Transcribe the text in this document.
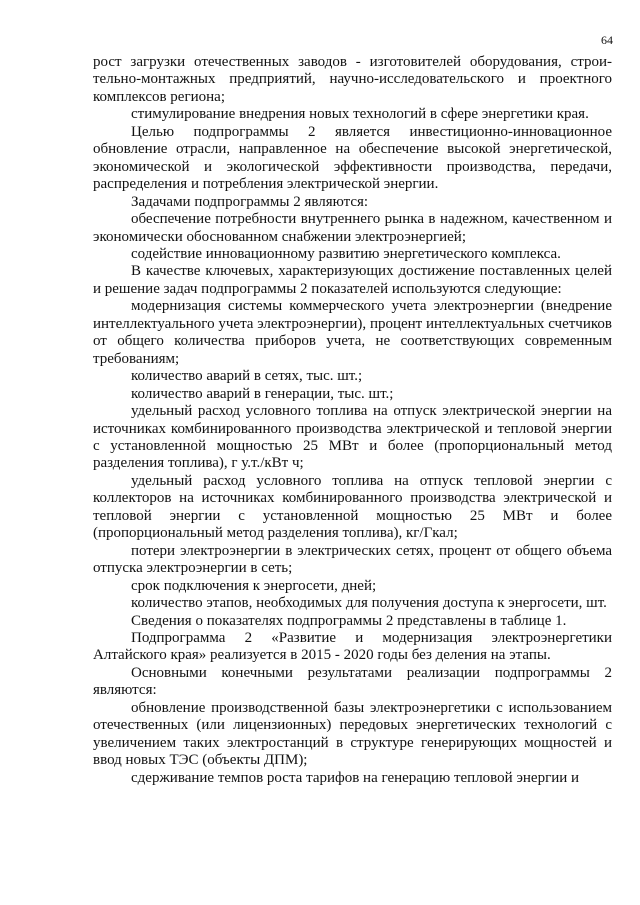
64

рост загрузки отечественных заводов - изготовителей оборудования, строи-тельно-монтажных предприятий, научно-исследовательского и проектного комплексов региона;

стимулирование внедрения новых технологий в сфере энергетики края.

Целью подпрограммы 2 является инвестиционно-инновационное обновление отрасли, направленное на обеспечение высокой энергетической, экономической и экологической эффективности производства, передачи, распределения и потребления электрической энергии.

Задачами подпрограммы 2 являются:

обеспечение потребности внутреннего рынка в надежном, качественном и экономически обоснованном снабжении электроэнергией;

содействие инновационному развитию энергетического комплекса.

В качестве ключевых, характеризующих достижение поставленных целей и решение задач подпрограммы 2 показателей используются следующие:

модернизация системы коммерческого учета электроэнергии (внедрение интеллектуального учета электроэнергии), процент интеллектуальных счетчиков от общего количества приборов учета, не соответствующих современным требованиям;

количество аварий в сетях, тыс. шт.;

количество аварий в генерации, тыс. шт.;

удельный расход условного топлива на отпуск электрической энергии на источниках комбинированного производства электрической и тепловой энергии с установленной мощностью 25 МВт и более (пропорциональный метод разделения топлива), г у.т./кВт ч;

удельный расход условного топлива на отпуск тепловой энергии с коллекторов на источниках комбинированного производства электрической и тепловой энергии с установленной мощностью 25 МВт и более (пропорциональный метод разделения топлива), кг/Гкал;

потери электроэнергии в электрических сетях, процент от общего объема отпуска электроэнергии в сеть;

срок подключения к энергосети, дней;

количество этапов, необходимых для получения доступа к энергосети, шт.

Сведения о показателях подпрограммы 2 представлены в таблице 1.

Подпрограмма 2 «Развитие и модернизация электроэнергетики Алтайского края» реализуется в 2015 - 2020 годы без деления на этапы.

Основными конечными результатами реализации подпрограммы 2 являются:

обновление производственной базы электроэнергетики с использованием отечественных (или лицензионных) передовых энергетических технологий с увеличением таких электростанций в структуре генерирующих мощностей и ввод новых ТЭС (объекты ДПМ);

сдерживание темпов роста тарифов на генерацию тепловой энергии и
